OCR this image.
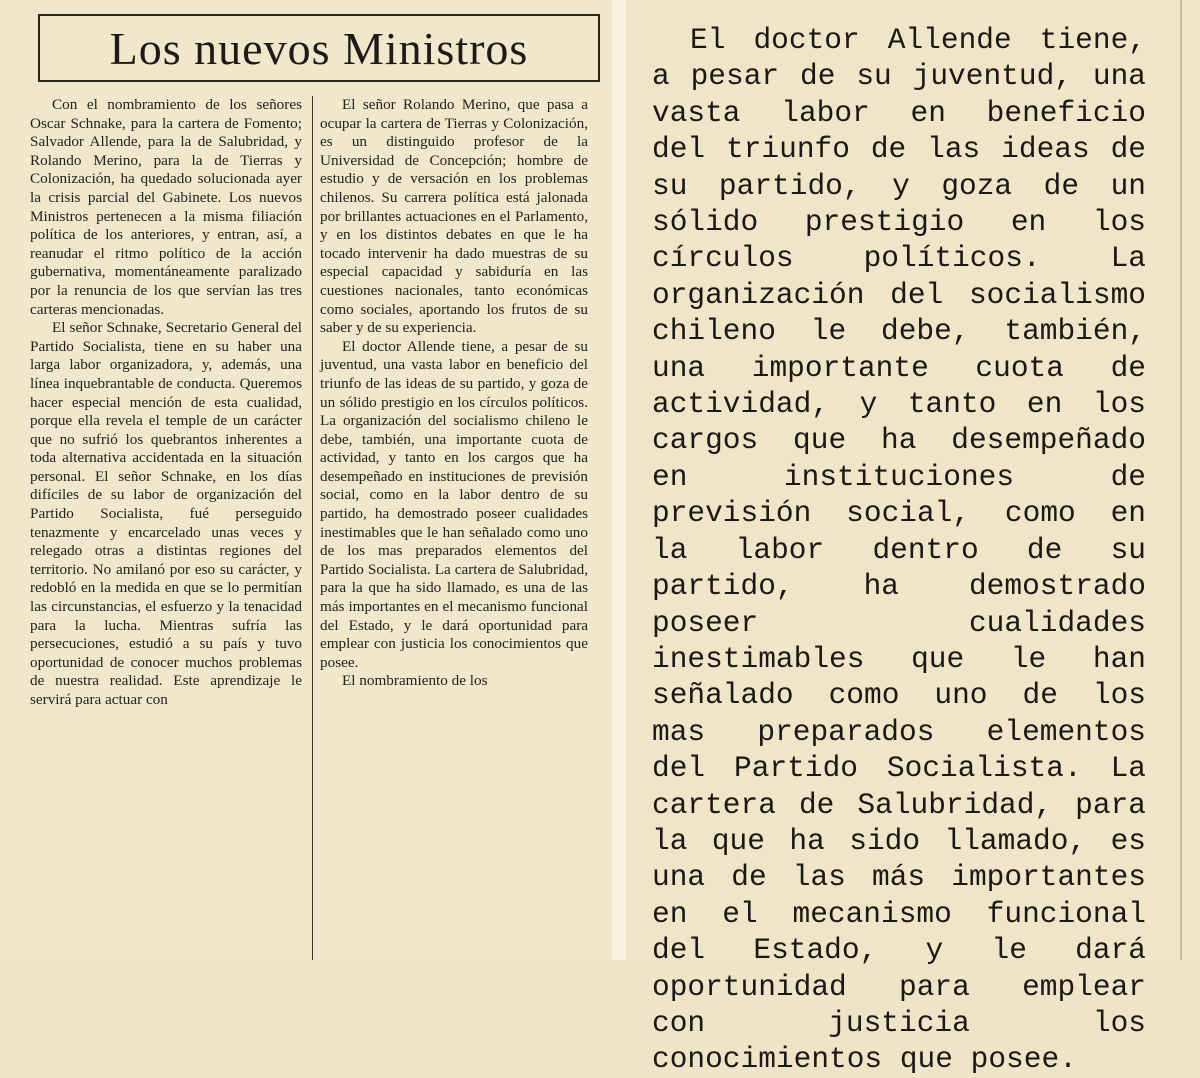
Los nuevos Ministros

Con el nombramiento de los señores Oscar Schnake, para la cartera de Fomento; Salvador Allende, para la de Salubridad, y Rolando Merino, para la de Tierras y Colonización, ha quedado solucionada ayer la crisis parcial del Gabinete. Los nuevos Ministros pertenecen a la misma filiación política de los anteriores, y entran, así, a reanudar el ritmo político de la acción gubernativa, momentáneamente paralizado por la renuncia de los que servían las tres carteras mencionadas.

El señor Schnake, Secretario General del Partido Socialista, tiene en su haber una larga labor organizadora, y, además, una línea inquebrantable de conducta. Queremos hacer especial mención de esta cualidad, porque ella revela el temple de un carácter que no sufrió los quebrantos inherentes a toda alternativa accidentada en la situación personal. El señor Schnake, en los días difíciles de su labor de organización del Partido Socialista, fué perseguido tenazmente y encarcelado unas veces y relegado otras a distintas regiones del territorio. No amilanó por eso su carácter, y redobló en la medida en que se lo permitían las circunstancias, el esfuerzo y la tenacidad para la lucha. Mientras sufría las persecuciones, estudió a su país y tuvo oportunidad de conocer muchos problemas de nuestra realidad. Este aprendizaje le servirá para actuar con

El señor Rolando Merino, que pasa a ocupar la cartera de Tierras y Colonización, es un distinguido profesor de la Universidad de Concepción; hombre de estudio y de versación en los problemas chilenos. Su carrera política está jalonada por brillantes actuaciones en el Parlamento, y en los distintos debates en que le ha tocado intervenir ha dado muestras de su especial capacidad y sabiduría en las cuestiones nacionales, tanto económicas como sociales, aportando los frutos de su saber y de su experiencia.

El doctor Allende tiene, a pesar de su juventud, una vasta labor en beneficio del triunfo de las ideas de su partido, y goza de un sólido prestigio en los círculos políticos. La organización del socialismo chileno le debe, también, una importante cuota de actividad, y tanto en los cargos que ha desempeñado en instituciones de previsión social, como en la labor dentro de su partido, ha demostrado poseer cualidades inestimables que le han señalado como uno de los mas preparados elementos del Partido Socialista. La cartera de Salubridad, para la que ha sido llamado, es una de las más importantes en el mecanismo funcional del Estado, y le dará oportunidad para emplear con justicia los conocimientos que posee.

El nombramiento de los

El doctor Allende tiene, a pesar de su juventud, una vasta labor en beneficio del triunfo de las ideas de su partido, y goza de un sólido prestigio en los círculos políticos. La organización del socialismo chileno le debe, también, una importante cuota de actividad, y tanto en los cargos que ha desempeñado en instituciones de previsión social, como en la labor dentro de su partido, ha demostrado poseer cualidades inestimables que le han señalado como uno de los mas preparados elementos del Partido Socialista. La cartera de Salubridad, para la que ha sido llamado, es una de las más importantes en el mecanismo funcional del Estado, y le dará oportunidad para emplear con justicia los conocimientos que posee.
